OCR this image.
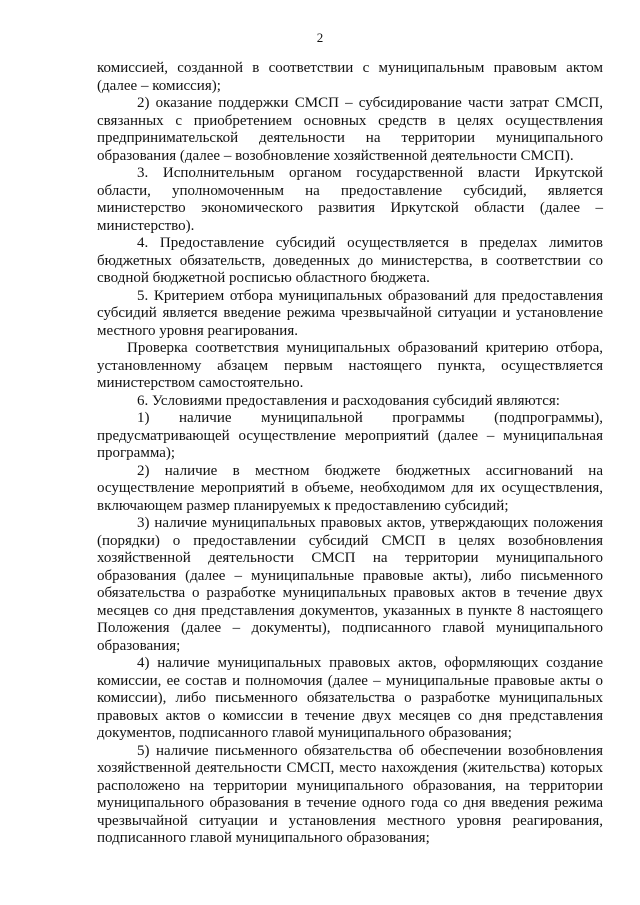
2

комиссией, созданной в соответствии с муниципальным правовым актом (далее – комиссия);

2) оказание поддержки СМСП – субсидирование части затрат СМСП, связанных с приобретением основных средств в целях осуществления предпринимательской деятельности на территории муниципального образования (далее – возобновление хозяйственной деятельности СМСП).

3. Исполнительным органом государственной власти Иркутской области, уполномоченным на предоставление субсидий, является министерство экономического развития Иркутской области (далее – министерство).

4. Предоставление субсидий осуществляется в пределах лимитов бюджетных обязательств, доведенных до министерства, в соответствии со сводной бюджетной росписью областного бюджета.

5. Критерием отбора муниципальных образований для предоставления субсидий является введение режима чрезвычайной ситуации и установление местного уровня реагирования.

Проверка соответствия муниципальных образований критерию отбора, установленному абзацем первым настоящего пункта, осуществляется министерством самостоятельно.

6. Условиями предоставления и расходования субсидий являются:

1) наличие муниципальной программы (подпрограммы), предусматривающей осуществление мероприятий (далее – муниципальная программа);

2) наличие в местном бюджете бюджетных ассигнований на осуществление мероприятий в объеме, необходимом для их осуществления, включающем размер планируемых к предоставлению субсидий;

3) наличие муниципальных правовых актов, утверждающих положения (порядки) о предоставлении субсидий СМСП в целях возобновления хозяйственной деятельности СМСП на территории муниципального образования (далее – муниципальные правовые акты), либо письменного обязательства о разработке муниципальных правовых актов в течение двух месяцев со дня представления документов, указанных в пункте 8 настоящего Положения (далее – документы), подписанного главой муниципального образования;

4) наличие муниципальных правовых актов, оформляющих создание комиссии, ее состав и полномочия (далее – муниципальные правовые акты о комиссии), либо письменного обязательства о разработке муниципальных правовых актов о комиссии в течение двух месяцев со дня представления документов, подписанного главой муниципального образования;

5) наличие письменного обязательства об обеспечении возобновления хозяйственной деятельности СМСП, место нахождения (жительства) которых расположено на территории муниципального образования, на территории муниципального образования в течение одного года со дня введения режима чрезвычайной ситуации и установления местного уровня реагирования, подписанного главой муниципального образования;
